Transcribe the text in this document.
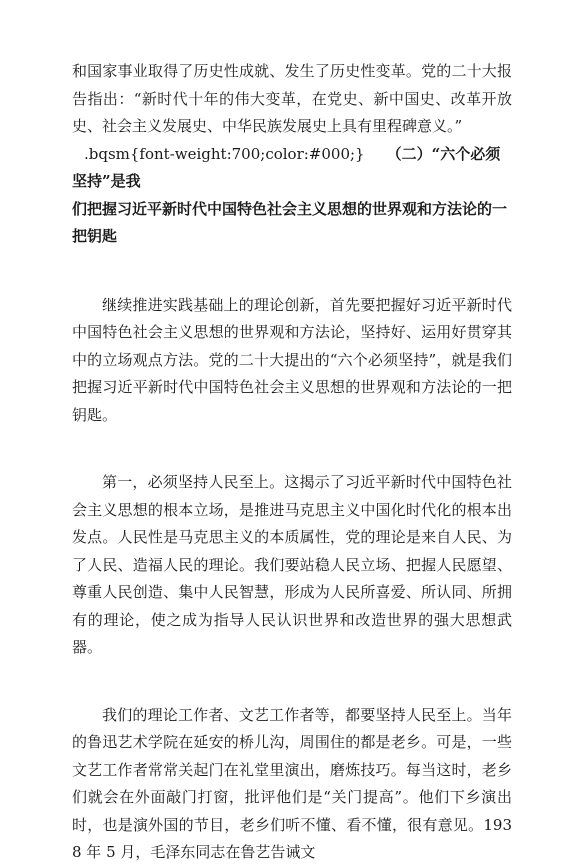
和国家事业取得了历史性成就、发生了历史性变革。党的二十大报告指出：“新时代十年的伟大变革，在党史、新中国史、改革开放史、社会主义发展史、中华民族发展史上具有里程碑意义。”

.bqsm{font-weight:700;color:#000;} （二）“六个必须坚持”是我
们把握习近平新时代中国特色社会主义思想的世界观和方法论的一把钥匙

继续推进实践基础上的理论创新，首先要把握好习近平新时代中国特色社会主义思想的世界观和方法论，坚持好、运用好贯穿其中的立场观点方法。党的二十大提出的“六个必须坚持”，就是我们把握习近平新时代中国特色社会主义思想的世界观和方法论的一把钥匙。

第一，必须坚持人民至上。这揭示了习近平新时代中国特色社会主义思想的根本立场，是推进马克思主义中国化时代化的根本出发点。人民性是马克思主义的本质属性，党的理论是来自人民、为了人民、造福人民的理论。我们要站稳人民立场、把握人民愿望、尊重人民创造、集中人民智慧，形成为人民所喜爱、所认同、所拥有的理论，使之成为指导人民认识世界和改造世界的强大思想武器。

我们的理论工作者、文艺工作者等，都要坚持人民至上。当年的鲁迅艺术学院在延安的桥儿沟，周围住的都是老乡。可是，一些文艺工作者常常关起门在礼堂里演出，磨炼技巧。每当这时，老乡们就会在外面敲门打窗，批评他们是“关门提高”。他们下乡演出时，也是演外国的节目，老乡们听不懂、看不懂，很有意见。1938 年 5 月，毛泽东同志在鲁艺告诫文
